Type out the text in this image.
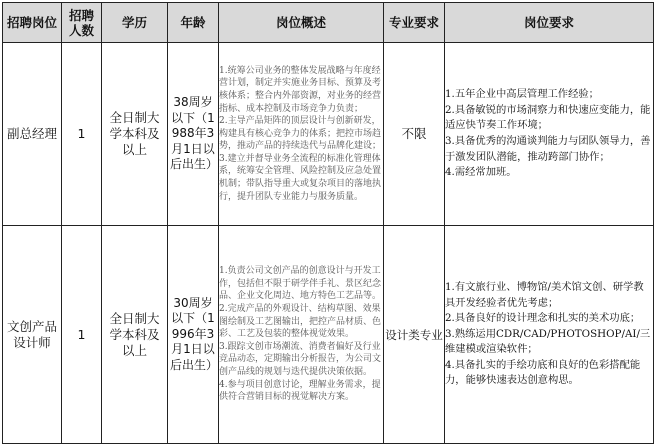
招聘岗位	招聘人数	学历	年龄	岗位概述	专业要求	岗位要求
副总经理	1	全日制大学本科及以上	38周岁以下（1988年3月1日以后出生）	1.统筹公司业务的整体发展战略与年度经营计划，制定并实施业务目标、预算及考核体系；整合内外部资源，对业务的经营指标、成本控制及市场竞争力负责；
2.主导产品矩阵的顶层设计与创新研发，构建具有核心竞争力的体系；把控市场趋势，推动产品的持续迭代与品牌化建设；
3.建立并督导业务全流程的标准化管理体系，统筹安全管理、风险控制及应急处置机制；带队指导重大或复杂项目的落地执行，提升团队专业能力与服务质量。	不限	1.五年企业中高层管理工作经验；
2.具备敏锐的市场洞察力和快速应变能力，能适应快节奏工作环境；
3.具备优秀的沟通谈判能力与团队领导力，善于激发团队潜能，推动跨部门协作；
4.需经常加班。

文创产品设计师	1	全日制大学本科及以上	30周岁以下（1996年3月1日以后出生）	1.负责公司文创产品的创意设计与开发工作，包括但不限于研学伴手礼、景区纪念品、企业文化周边、地方特色工艺品等。
2.完成产品的外观设计、结构草图、效果图绘制及工艺图输出，把控产品材质、色彩、工艺及包装的整体视觉效果。
3.跟踪文创市场潮流、消费者偏好及行业竞品动态，定期输出分析报告，为公司文创产品线的规划与迭代提供决策依据。
4.参与项目创意讨论，理解业务需求，提供符合营销目标的视觉解决方案。	设计类专业	1.有文旅行业、博物馆/美术馆文创、研学教具开发经验者优先考虑；
2.具备良好的设计理念和扎实的美术功底；
3.熟练运用CDR/CAD/PHOTOSHOP/AI/三维建模或渲染软件；
4.具备扎实的手绘功底和良好的色彩搭配能力，能够快速表达创意构思。
